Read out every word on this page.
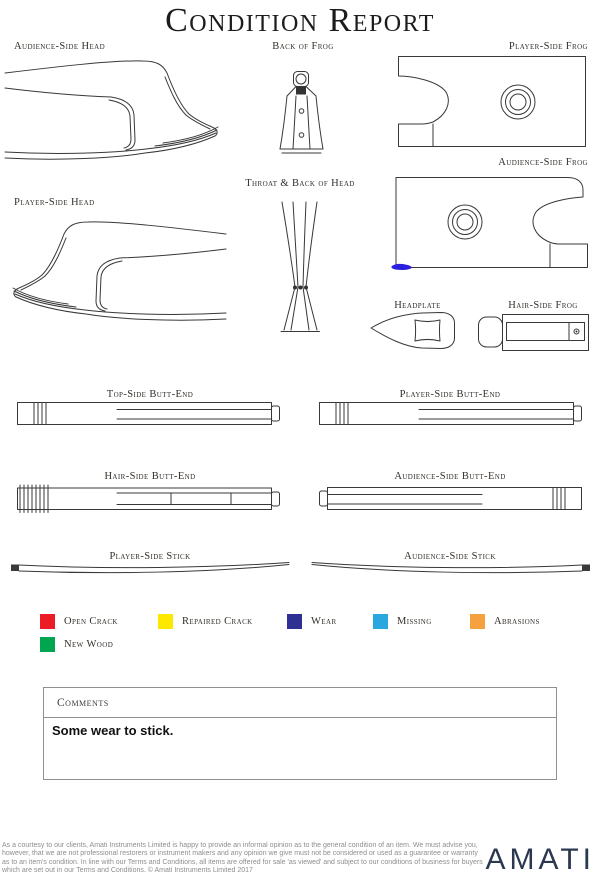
Condition Report
Audience-Side Head	Back of Frog	Player-Side Frog
Audience-Side Frog
Player-Side Head
Throat & Back of Head
Headplate	Hair-Side Frog
Top-Side Butt-End	Player-Side Butt-End
Hair-Side Butt-End	Audience-Side Butt-End
Player-Side Stick	Audience-Side Stick
Open Crack	Repaired Crack	Wear	Missing	Abrasions
New Wood
Comments
Some wear to stick.
As a courtesy to our clients, Amati Instruments Limited is happy to provide an informal opinion as to the general condition of an item. We must advise you, however, that we are not professional restorers or instrument makers and any opinion we give must not be considered or used as a guarantee or warranty as to an item's condition. In line with our Terms and Conditions, all items are offered for sale 'as viewed' and subject to our conditions of business for buyers which are set out in our Terms and Conditions. © Amati Instruments Limited 2017	AMATI
